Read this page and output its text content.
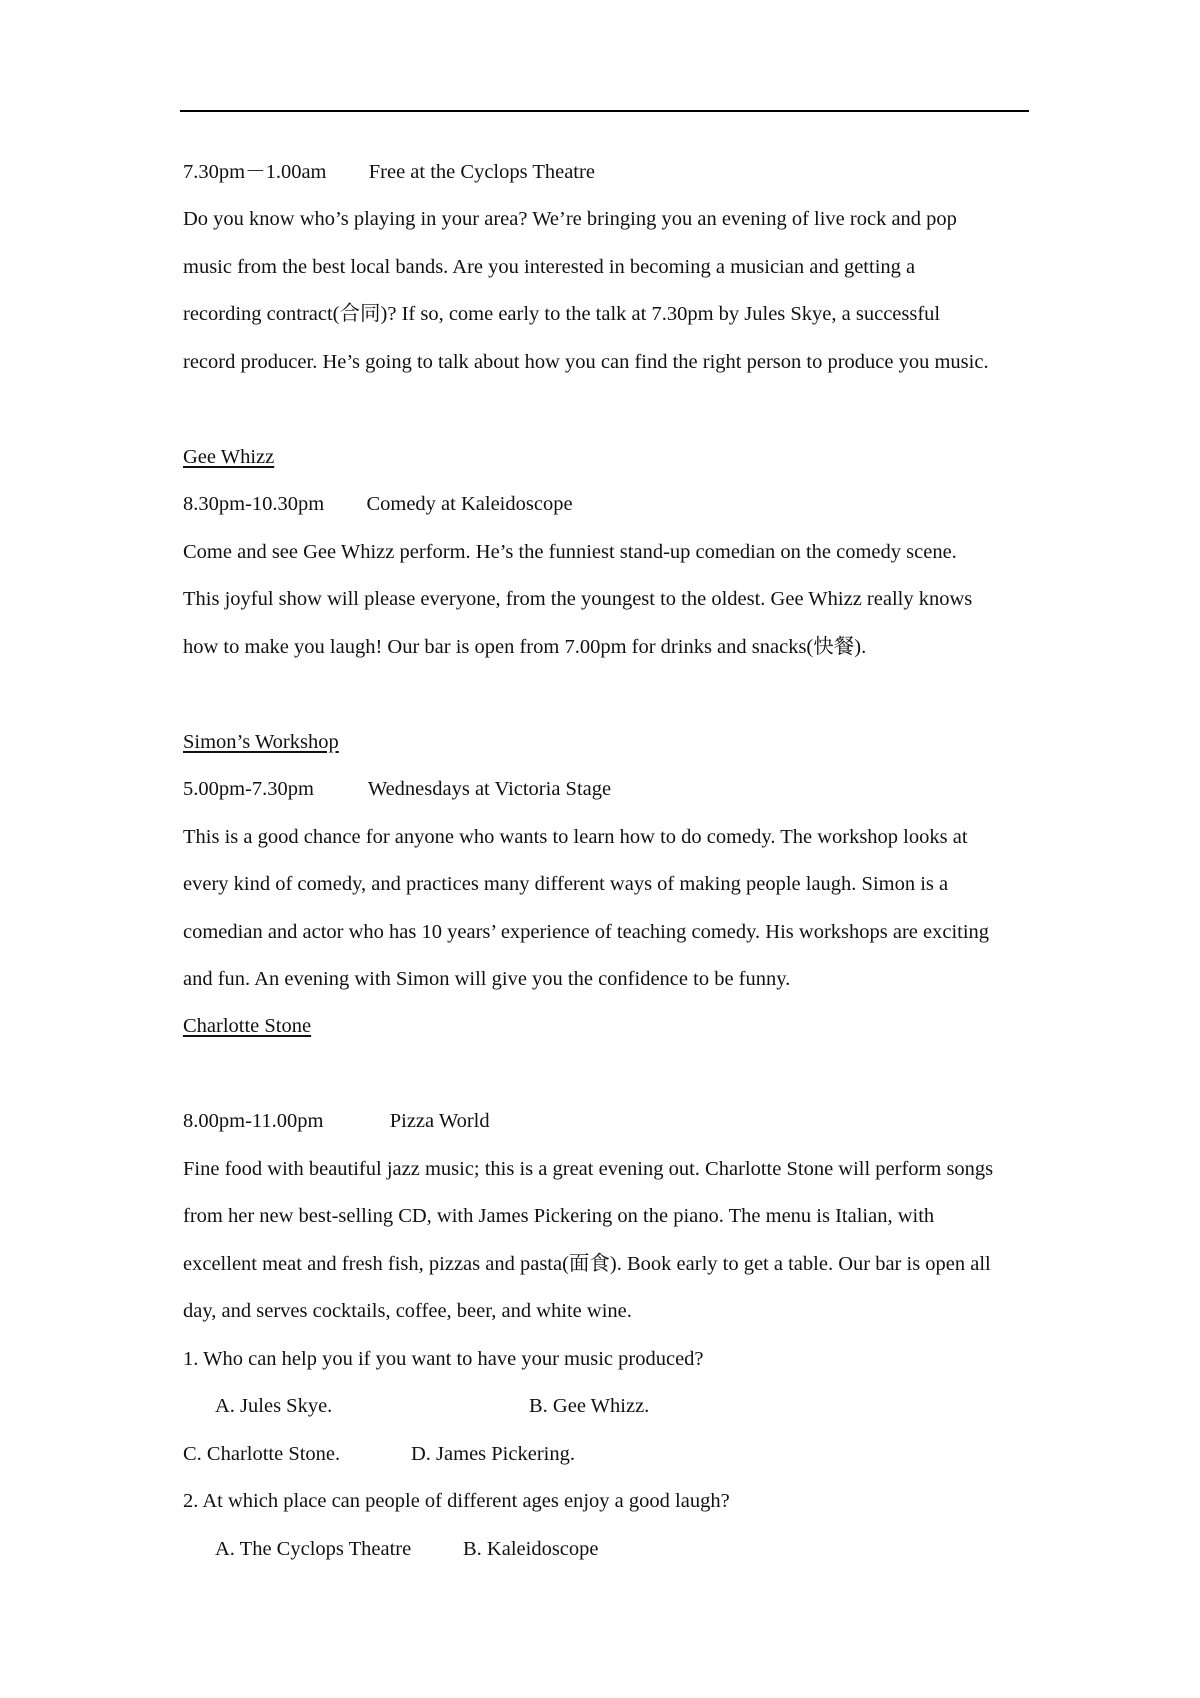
7.30pm－1.00am Free at the Cyclops Theatre
Do you know who’s playing in your area? We’re bringing you an evening of live rock and pop
music from the best local bands. Are you interested in becoming a musician and getting a
recording contract(合同)? If so, come early to the talk at 7.30pm by Jules Skye, a successful
record producer. He’s going to talk about how you can find the right person to produce you music.
Gee Whizz
8.30pm-10.30pm Comedy at Kaleidoscope
Come and see Gee Whizz perform. He’s the funniest stand-up comedian on the comedy scene.
This joyful show will please everyone, from the youngest to the oldest. Gee Whizz really knows
how to make you laugh! Our bar is open from 7.00pm for drinks and snacks(快餐).
Simon’s Workshop
5.00pm-7.30pm	Wednesdays at Victoria Stage
This is a good chance for anyone who wants to learn how to do comedy. The workshop looks at
every kind of comedy, and practices many different ways of making people laugh. Simon is a
comedian and actor who has 10 years’ experience of teaching comedy. His workshops are exciting
and fun. An evening with Simon will give you the confidence to be funny.
Charlotte Stone
8.00pm-11.00pm	Pizza World
Fine food with beautiful jazz music; this is a great evening out. Charlotte Stone will perform songs
from her new best-selling CD, with James Pickering on the piano. The menu is Italian, with
excellent meat and fresh fish, pizzas and pasta(面食). Book early to get a table. Our bar is open all
day, and serves cocktails, coffee, beer, and white wine.
1. Who can help you if you want to have your music produced?
A. Jules Skye.	B. Gee Whizz.
C. Charlotte Stone.	D. James Pickering.
2. At which place can people of different ages enjoy a good laugh?
A. The Cyclops Theatre	B. Kaleidoscope
